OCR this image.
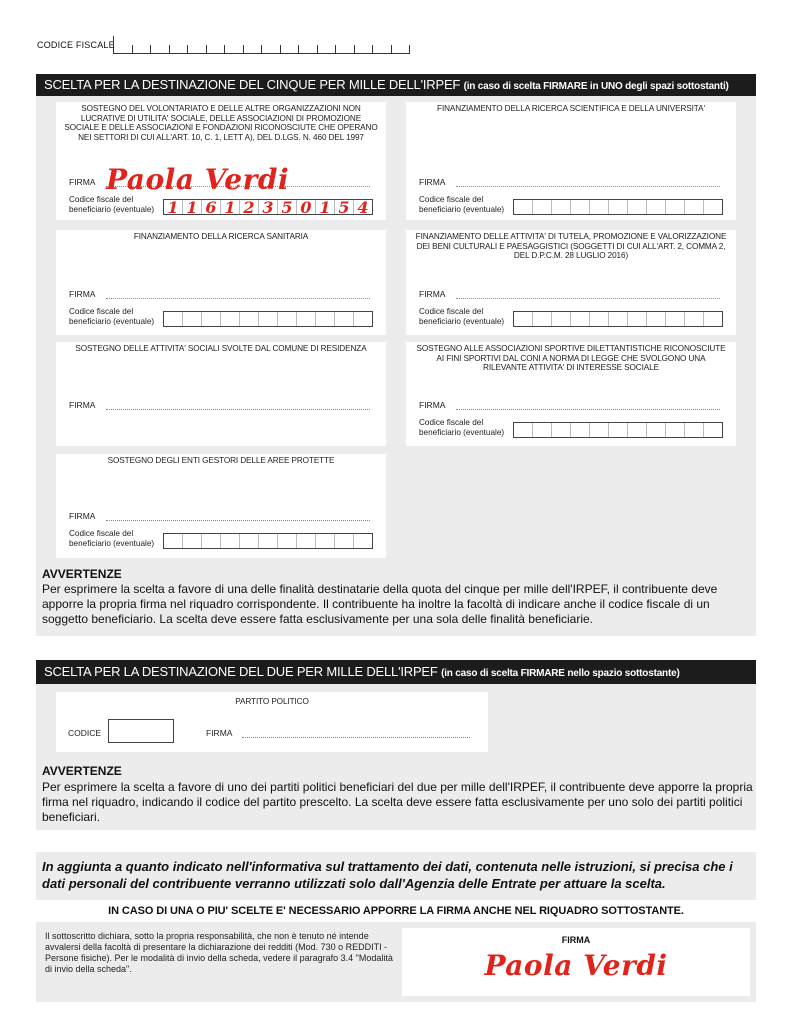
CODICE FISCALE
SCELTA PER LA DESTINAZIONE DEL CINQUE PER MILLE DELL'IRPEF (in caso di scelta FIRMARE in UNO degli spazi sottostanti)
SOSTEGNO DEL VOLONTARIATO E DELLE ALTRE ORGANIZZAZIONI NON LUCRATIVE DI UTILITA' SOCIALE, DELLE ASSOCIAZIONI DI PROMOZIONE SOCIALE E DELLE ASSOCIAZIONI E FONDAZIONI RICONOSCIUTE CHE OPERANO NEI SETTORI DI CUI ALL'ART. 10, C. 1, LETT A), DEL D.LGS. N. 460 DEL 1997
FIRMA Paola Verdi
Codice fiscale del
beneficiario (eventuale) 1 1 6 1 2 3 5 0 1 5 4
FINANZIAMENTO DELLA RICERCA SCIENTIFICA E DELLA UNIVERSITA'
FIRMA
Codice fiscale del
beneficiario (eventuale)
FINANZIAMENTO DELLA RICERCA SANITARIA
FIRMA
Codice fiscale del
beneficiario (eventuale)
FINANZIAMENTO DELLE ATTIVITA' DI TUTELA, PROMOZIONE E VALORIZZAZIONE DEI BENI CULTURALI E PAESAGGISTICI (SOGGETTI DI CUI ALL'ART. 2, COMMA 2, DEL D.P.C.M. 28 LUGLIO 2016)
FIRMA
Codice fiscale del
beneficiario (eventuale)
SOSTEGNO DELLE ATTIVITA' SOCIALI SVOLTE DAL COMUNE DI RESIDENZA
FIRMA
SOSTEGNO ALLE ASSOCIAZIONI SPORTIVE DILETTANTISTICHE RICONOSCIUTE AI FINI SPORTIVI DAL CONI A NORMA DI LEGGE CHE SVOLGONO UNA RILEVANTE ATTIVITA' DI INTERESSE SOCIALE
FIRMA
Codice fiscale del
beneficiario (eventuale)
SOSTEGNO DEGLI ENTI GESTORI DELLE AREE PROTETTE
FIRMA
Codice fiscale del
beneficiario (eventuale)
AVVERTENZE
Per esprimere la scelta a favore di una delle finalità destinatarie della quota del cinque per mille dell'IRPEF, il contribuente deve apporre la propria firma nel riquadro corrispondente. Il contribuente ha inoltre la facoltà di indicare anche il codice fiscale di un soggetto beneficiario. La scelta deve essere fatta esclusivamente per una sola delle finalità beneficiarie.
SCELTA PER LA DESTINAZIONE DEL DUE PER MILLE DELL'IRPEF (in caso di scelta FIRMARE nello spazio sottostante)
PARTITO POLITICO
CODICE	FIRMA
AVVERTENZE
Per esprimere la scelta a favore di uno dei partiti politici beneficiari del due per mille dell'IRPEF, il contribuente deve apporre la propria firma nel riquadro, indicando il codice del partito prescelto. La scelta deve essere fatta esclusivamente per uno solo dei partiti politici beneficiari.
In aggiunta a quanto indicato nell'informativa sul trattamento dei dati, contenuta nelle istruzioni, si precisa che i dati personali del contribuente verranno utilizzati solo dall'Agenzia delle Entrate per attuare la scelta.
IN CASO DI UNA O PIU' SCELTE E' NECESSARIO APPORRE LA FIRMA ANCHE NEL RIQUADRO SOTTOSTANTE.
Il sottoscritto dichiara, sotto la propria responsabilità, che non è tenuto né intende avvalersi della facoltà di presentare la dichiarazione dei redditi (Mod. 730 o REDDITI - Persone fisiche). Per le modalità di invio della scheda, vedere il paragrafo 3.4 "Modalità di invio della scheda".
FIRMA
Paola Verdi
